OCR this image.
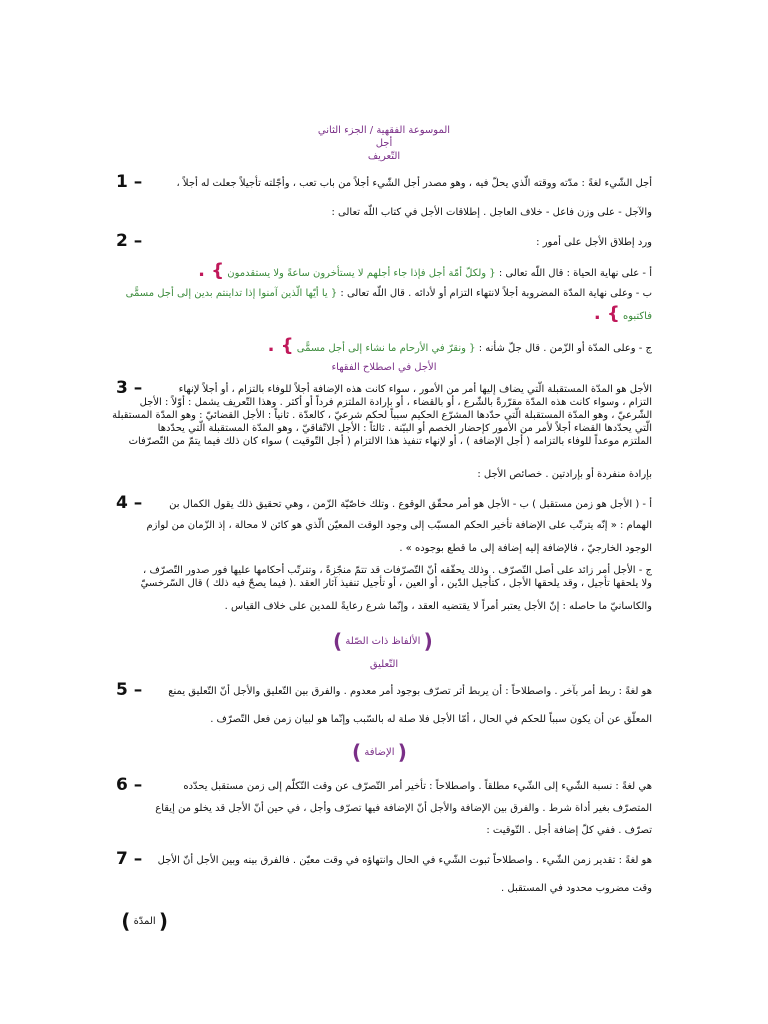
الموسوعة الفقهية / الجزء الثاني
أجل
التّعريف
1 –	أجل الشّيء لغةً : مدّته ووقته الّذي يحلّ فيه ، وهو مصدر أجل الشّيء أجلاً من باب تعب ، وأجّلته تأجيلاً جعلت له أجلاً ،
والآجل - على وزن فاعل - خلاف العاجل . إطلاقات الأجل في كتاب اللّه تعالى :
2 –	ورد إطلاق الأجل على أمور :
أ - على نهاية الحياة : قال اللّه تعالى : { ولكلّ أمّة أجل فإذا جاء أجلهم لا يستأخرون ساعةً ولا يستقدمون } .
ب - وعلى نهاية المدّة المضروبة أجلاً لانتهاء التزام أو لأدائه . قال اللّه تعالى : { يا أيّها الّذين آمنوا إذا تداينتم بدين إلى أجل مسمًّى
فاكتبوه } .
ج - وعلى المدّة أو الزّمن . قال جلّ شأنه : { ونقرّ في الأرحام ما نشاء إلى أجل مسمًّى } .
الأجل في اصطلاح الفقهاء
3 –	الأجل هو المدّة المستقبلة الّتي يضاف إليها أمر من الأمور ، سواء كانت هذه الإضافة أجلاً للوفاء بالتزام ، أو أجلاً لإنهاء
التزام ، وسواء كانت هذه المدّة مقرّرةً بالشّرع ، أو بالقضاء ، أو بإرادة الملتزم فرداً أو أكثر . وهذا التّعريف يشمل : أوّلاً : الأجل
الشّرعيّ ، وهو المدّة المستقبلة الّتي حدّدها المشرّع الحكيم سبباً لحكم شرعيّ ، كالعدّة . ثانياً : الأجل القضائيّ : وهو المدّة المستقبلة
الّتي يحدّدها القضاء أجلاً لأمر من الأمور كإحضار الخصم أو البيّنة . ثالثاً : الأجل الاتّفاقيّ ، وهو المدّة المستقبلة الّتي يحدّدها
الملتزم موعداً للوفاء بالتزامه ( أجل الإضافة ) ، أو لإنهاء تنفيذ هذا الالتزام ( أجل التّوقيت ) سواء كان ذلك فيما يتمّ من التّصرّفات
بإرادة منفردة أو بإرادتين . خصائص الأجل :
4 –	أ - ( الأجل هو زمن مستقبل ) ب - الأجل هو أمر محقّق الوقوع . وتلك خاصّيّة الزّمن ، وهي تحقيق ذلك يقول الكمال بن
الهمام : « إنّه يترتّب على الإضافة تأخير الحكم المسبّب إلى وجود الوقت المعيّن الّذي هو كائن لا محالة ، إذ الزّمان من لوازم
الوجود الخارجيّ ، فالإضافة إليه إضافة إلى ما قطع بوجوده » .
ج - الأجل أمر زائد على أصل التّصرّف . وذلك يحقّقه أنّ التّصرّفات قد تتمّ منجّزةً ، وتترتّب أحكامها عليها فور صدور التّصرّف ،
ولا يلحقها تأجيل ، وقد يلحقها الأجل ، كتأجيل الدّين ، أو العين ، أو تأجيل تنفيذ آثار العقد .( فيما يصحّ فيه ذلك ) قال السّرخسيّ
والكاسانيّ ما حاصله : إنّ الأجل يعتبر أمراً لا يقتضيه العقد ، وإنّما شرع رعايةً للمدين على خلاف القياس .
( الألفاظ ذات الصّلة )
التّعليق
5 –	هو لغةً : ربط أمر بآخر . واصطلاحاً : أن يربط أثر تصرّف بوجود أمر معدوم . والفرق بين التّعليق والأجل أنّ التّعليق يمنع
المعلّق عن أن يكون سبباً للحكم في الحال ، أمّا الأجل فلا صلة له بالسّبب وإنّما هو لبيان زمن فعل التّصرّف .
( الإضافة )
6 –	هي لغةً : نسبة الشّيء إلى الشّيء مطلقاً . واصطلاحاً : تأخير أمر التّصرّف عن وقت التّكلّم إلى زمن مستقبل يحدّده
المتصرّف بغير أداة شرط . والفرق بين الإضافة والأجل أنّ الإضافة فيها تصرّف وأجل ، في حين أنّ الأجل قد يخلو من إيقاع
تصرّف . ففي كلّ إضافة أجل . التّوقيت :
7 – هو لغةً : تقدير زمن الشّيء . واصطلاحاً ثبوت الشّيء في الحال وانتهاؤه في وقت معيّن . فالفرق بينه وبين الأجل أنّ الأجل
وقت مضروب محدود في المستقبل .
( المدّة )
